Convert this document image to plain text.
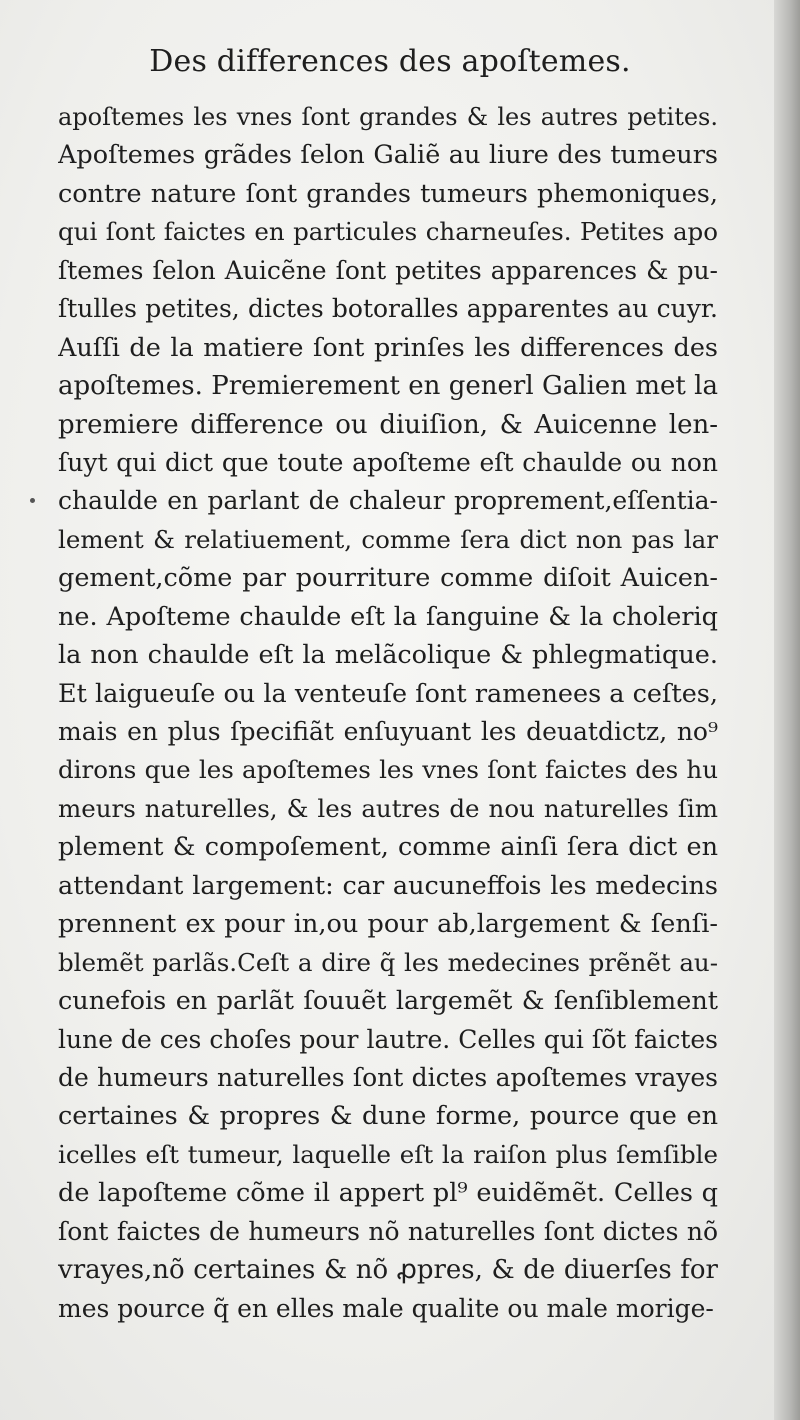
Des differences des apoſtemes.
apoſtemes les vnes ſont grandes & les autres petites.
Apoſtemes grãdes ſelon Galiẽ au liure des tumeurs
contre nature ſont grandes tumeurs phemoniques,
qui ſont faictes en particules charneuſes. Petites apo
ſtemes ſelon Auicẽne ſont petites apparences & pu-
ſtulles petites, dictes botoralles apparentes au cuyr.
Auſſi de la matiere ſont prinſes les differences des
apoſtemes. Premierement en generl Galien met la
premiere difference ou diuiſion, & Auicenne len-
ſuyt qui dict que toute apoſteme eſt chaulde ou non
chaulde en parlant de chaleur proprement,eſſentia-
lement & relatiuement, comme ſera dict non pas lar
gement,cõme par pourriture comme diſoit Auicen-
ne. Apoſteme chaulde eſt la ſanguine & la choleriq
la non chaulde eſt la melãcolique & phlegmatique.
Et laigueuſe ou la venteuſe ſont ramenees a ceſtes,
mais en plus ſpecifiãt enſuyuant les deuatdictz, no⁹
dirons que les apoſtemes les vnes ſont faictes des hu
meurs naturelles, & les autres de nou naturelles ſim
plement & compoſement, comme ainſi ſera dict en
attendant largement: car aucuneffois les medecins
prennent ex pour in,ou pour ab,largement & ſenſi-
blemẽt parlãs.Ceſt a dire q̃ les medecines prẽnẽt au-
cunefois en parlãt ſouuẽt largemẽt & ſenſiblement
lune de ces choſes pour lautre. Celles qui ſõt faictes
de humeurs naturelles ſont dictes apoſtemes vrayes
certaines & propres & dune forme, pource que en
icelles eſt tumeur, laquelle eſt la raiſon plus ſemſible
de lapoſteme cõme il appert pl⁹ euidẽmẽt. Celles q
ſont faictes de humeurs nõ naturelles ſont dictes nõ
vrayes,nõ certaines & nõ ꝓpres, & de diuerſes for
mes pource q̃ en elles male qualite ou male morige-
